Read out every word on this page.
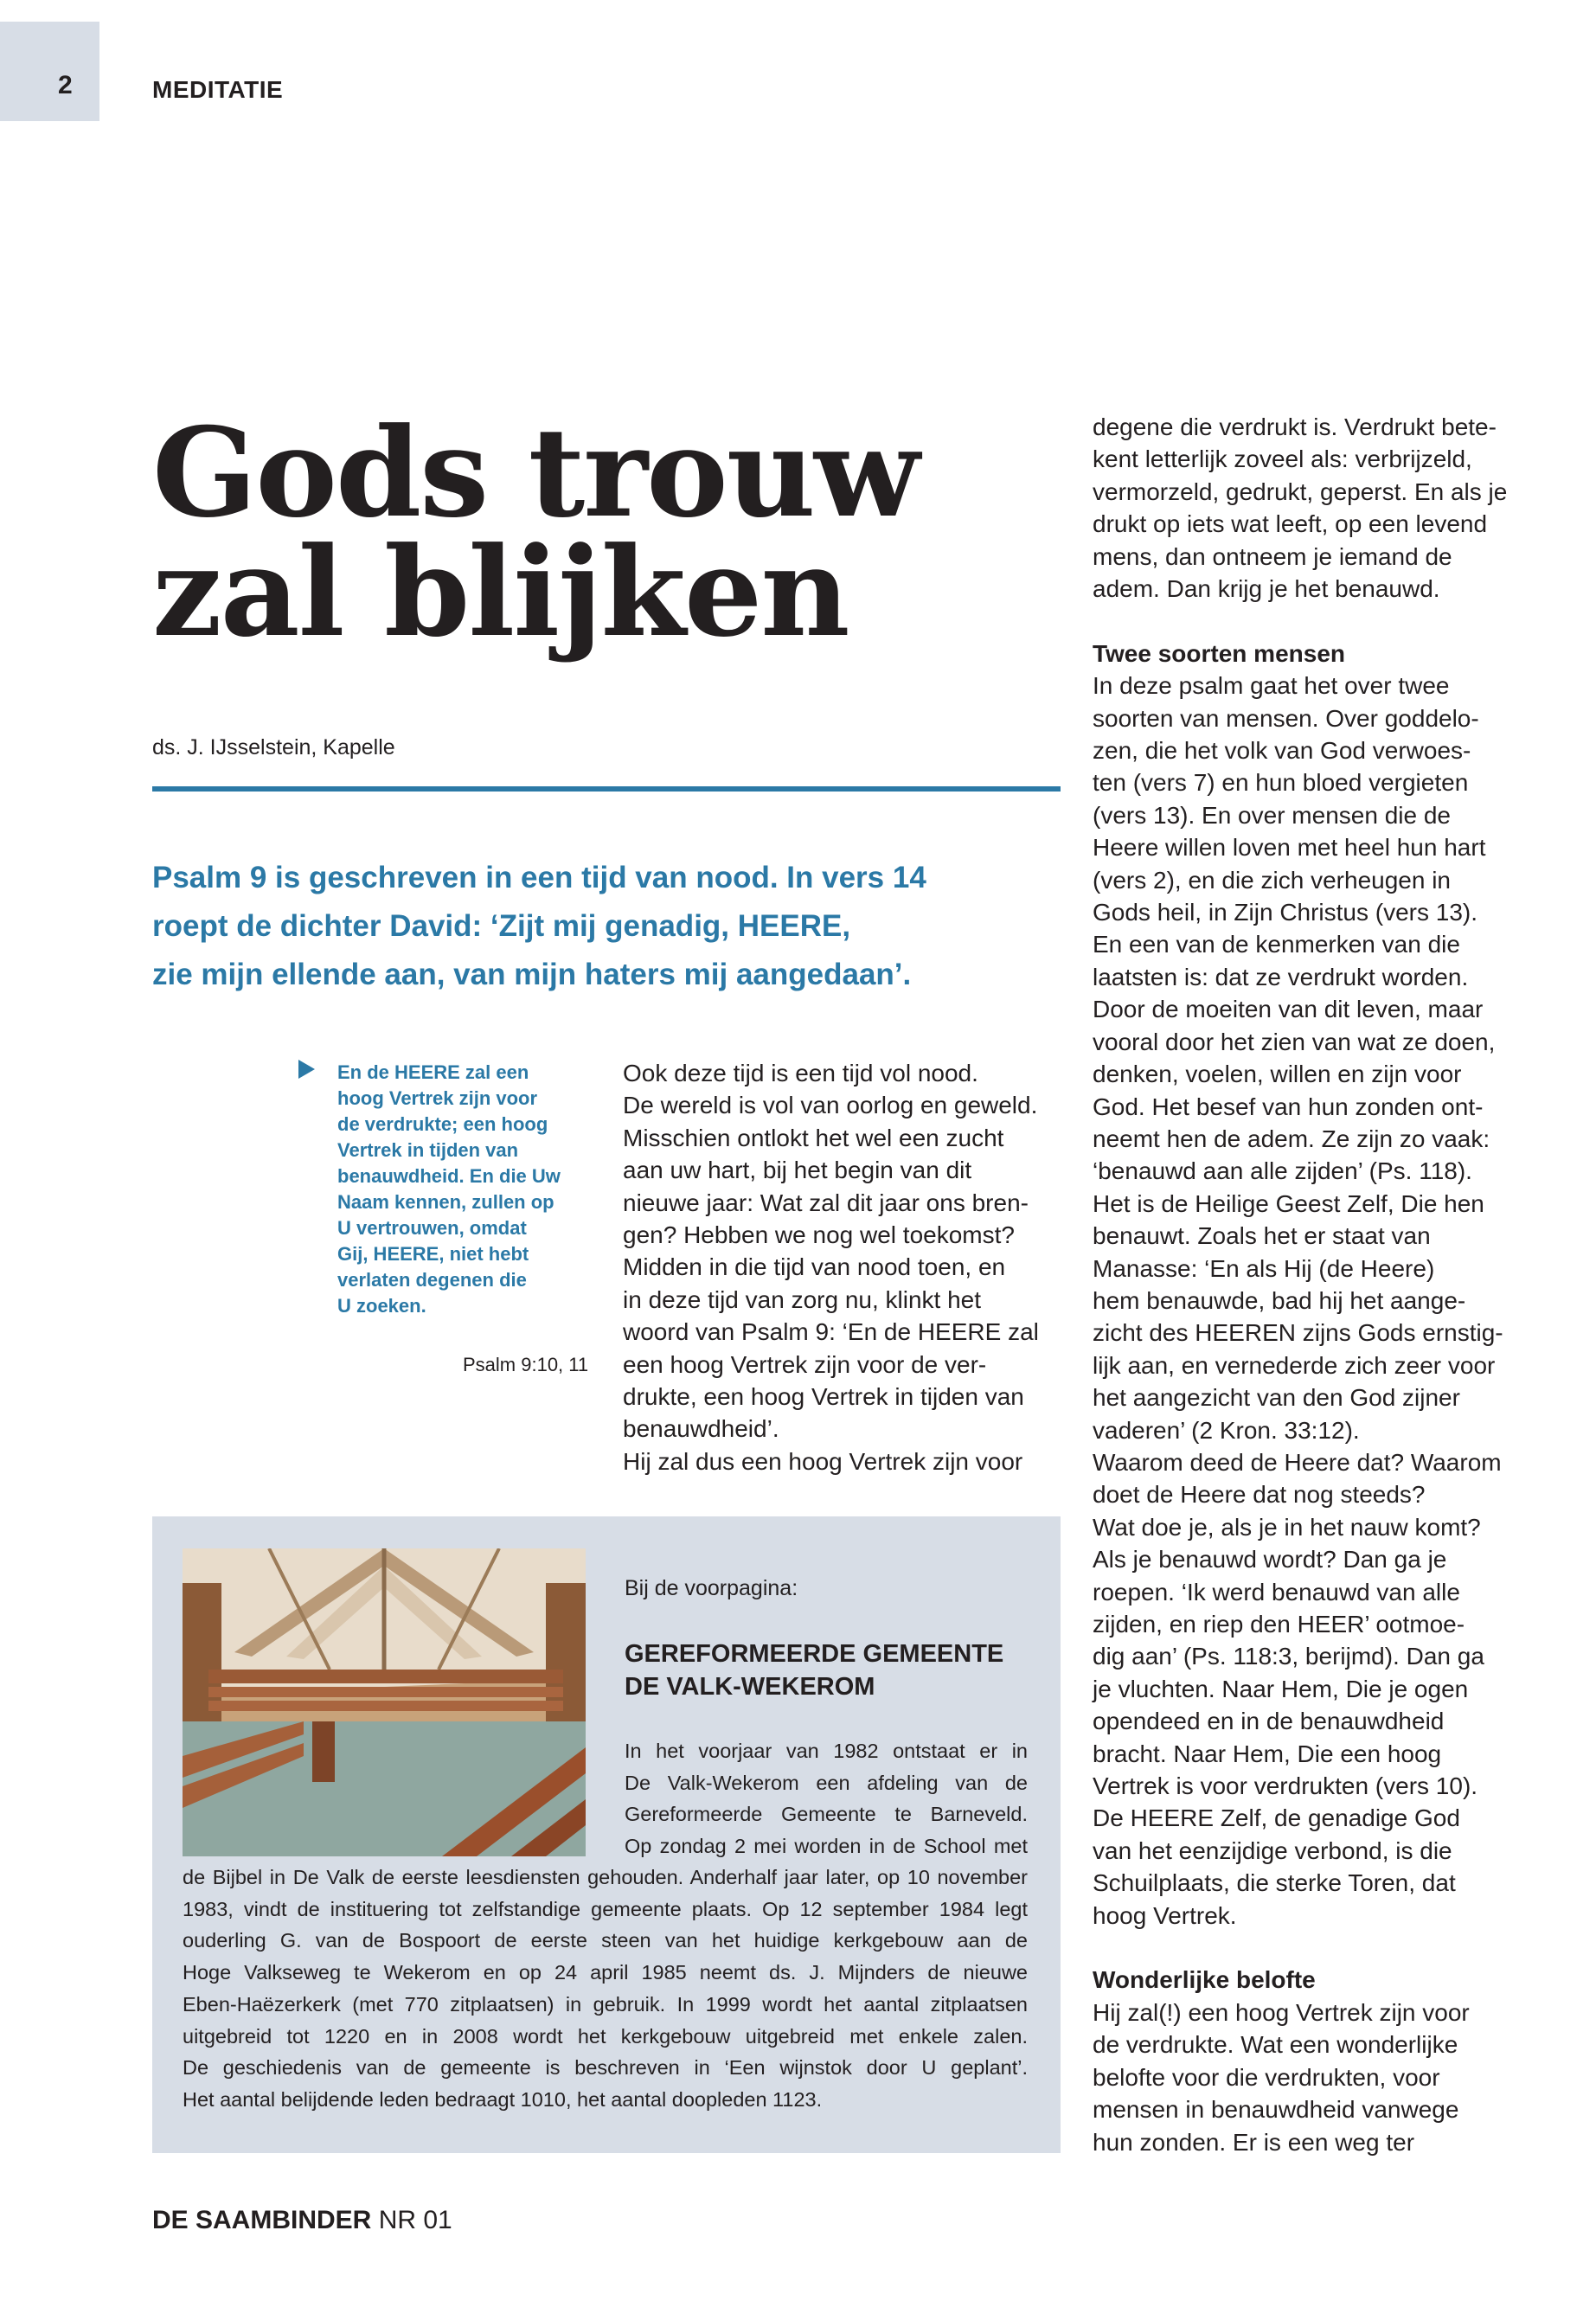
2	MEDITATIE
Gods trouw
zal blijken
ds. J. IJsselstein, Kapelle
Psalm 9 is geschreven in een tijd van nood. In vers 14
roept de dichter David: ‘Zijt mij genadig, HEERE,
zie mijn ellende aan, van mijn haters mij aangedaan’.
En de HEERE zal een
hoog Vertrek zijn voor
de verdrukte; een hoog
Vertrek in tijden van
benauwdheid. En die Uw
Naam kennen, zullen op
U vertrouwen, omdat
Gij, HEERE, niet hebt
verlaten degenen die
U zoeken.
Psalm 9:10, 11
Ook deze tijd is een tijd vol nood.
De wereld is vol van oorlog en geweld.
Misschien ontlokt het wel een zucht
aan uw hart, bij het begin van dit
nieuwe jaar: Wat zal dit jaar ons bren-
gen? Hebben we nog wel toekomst?
Midden in die tijd van nood toen, en
in deze tijd van zorg nu, klinkt het
woord van Psalm 9: ‘En de HEERE zal
een hoog Vertrek zijn voor de ver-
drukte, een hoog Vertrek in tijden van
benauwdheid’.
Hij zal dus een hoog Vertrek zijn voor
degene die verdrukt is. Verdrukt bete-
kent letterlijk zoveel als: verbrijzeld,
vermorzeld, gedrukt, geperst. En als je
drukt op iets wat leeft, op een levend
mens, dan ontneem je iemand de
adem. Dan krijg je het benauwd.
Twee soorten mensen
In deze psalm gaat het over twee
soorten van mensen. Over goddelo-
zen, die het volk van God verwoes-
ten (vers 7) en hun bloed vergieten
(vers 13). En over mensen die de
Heere willen loven met heel hun hart
(vers 2), en die zich verheugen in
Gods heil, in Zijn Christus (vers 13).
En een van de kenmerken van die
laatsten is: dat ze verdrukt worden.
Door de moeiten van dit leven, maar
vooral door het zien van wat ze doen,
denken, voelen, willen en zijn voor
God. Het besef van hun zonden ont-
neemt hen de adem. Ze zijn zo vaak:
‘benauwd aan alle zijden’ (Ps. 118).
Het is de Heilige Geest Zelf, Die hen
benauwt. Zoals het er staat van
Manasse: ‘En als Hij (de Heere)
hem benauwde, bad hij het aange-
zicht des HEEREN zijns Gods ernstig-
lijk aan, en vernederde zich zeer voor
het aangezicht van den God zijner
vaderen’ (2 Kron. 33:12).
Waarom deed de Heere dat? Waarom
doet de Heere dat nog steeds?
Wat doe je, als je in het nauw komt?
Als je benauwd wordt? Dan ga je
roepen. ‘Ik werd benauwd van alle
zijden, en riep den HEER’ ootmoe-
dig aan’ (Ps. 118:3, berijmd). Dan ga
je vluchten. Naar Hem, Die je ogen
opendeed en in de benauwdheid
bracht. Naar Hem, Die een hoog
Vertrek is voor verdrukten (vers 10).
De HEERE Zelf, de genadige God
van het eenzijdige verbond, is die
Schuilplaats, die sterke Toren, dat
hoog Vertrek.
Wonderlijke belofte
Hij zal(!) een hoog Vertrek zijn voor
de verdrukte. Wat een wonderlijke
belofte voor die verdrukten, voor
mensen in benauwdheid vanwege
hun zonden. Er is een weg ter
Bij de voorpagina:
GEREFORMEERDE GEMEENTE
DE VALK-WEKEROM
In het voorjaar van 1982 ontstaat er in
De Valk-Wekerom een afdeling van de
Gereformeerde Gemeente te Barneveld.
Op zondag 2 mei worden in de School met
de Bijbel in De Valk de eerste leesdiensten gehouden. Anderhalf jaar later, op 10 november
1983, vindt de instituering tot zelfstandige gemeente plaats. Op 12 september 1984 legt
ouderling G. van de Bospoort de eerste steen van het huidige kerkgebouw aan de
Hoge Valkseweg te Wekerom en op 24 april 1985 neemt ds. J. Mijnders de nieuwe
Eben-Haëzerkerk (met 770 zitplaatsen) in gebruik. In 1999 wordt het aantal zitplaatsen
uitgebreid tot 1220 en in 2008 wordt het kerkgebouw uitgebreid met enkele zalen.
De geschiedenis van de gemeente is beschreven in ‘Een wijnstok door U geplant’.
Het aantal belijdende leden bedraagt 1010, het aantal doopleden 1123.
DE SAAMBINDER NR 01
